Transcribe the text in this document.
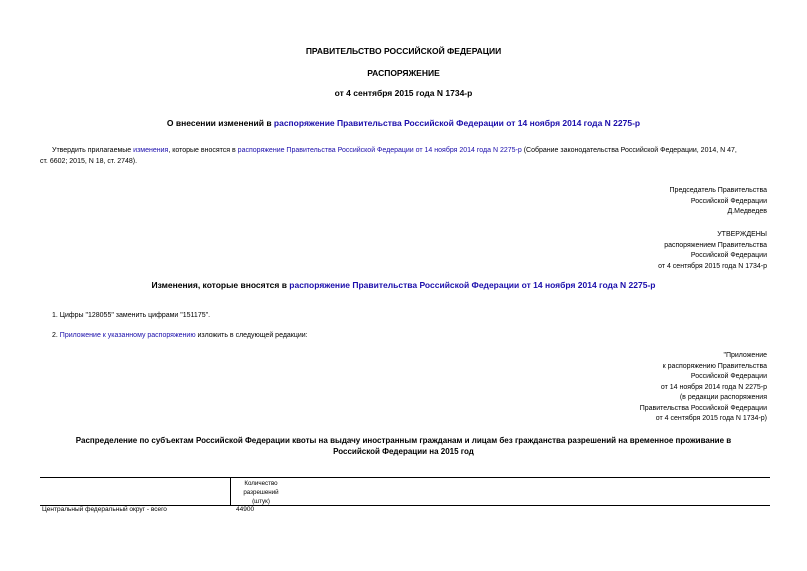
ПРАВИТЕЛЬСТВО РОССИЙСКОЙ ФЕДЕРАЦИИ
РАСПОРЯЖЕНИЕ
от 4 сентября 2015 года N 1734-р
О внесении изменений в распоряжение Правительства Российской Федерации от 14 ноября 2014 года N 2275-р
Утвердить прилагаемые изменения, которые вносятся в распоряжение Правительства Российской Федерации от 14 ноября 2014 года N 2275-р (Собрание законодательства Российской Федерации, 2014, N 47,
ст. 6602; 2015, N 18, ст. 2748).
Председатель Правительства
Российской Федерации
Д.Медведев
УТВЕРЖДЕНЫ
распоряжением Правительства
Российской Федерации
от 4 сентября 2015 года N 1734-р
Изменения, которые вносятся в распоряжение Правительства Российской Федерации от 14 ноября 2014 года N 2275-р
1. Цифры "128055" заменить цифрами "151175".
2. Приложение к указанному распоряжению изложить в следующей редакции:
"Приложение
к распоряжению Правительства
Российской Федерации
от 14 ноября 2014 года N 2275-р
(в редакции распоряжения
Правительства Российской Федерации
от 4 сентября 2015 года N 1734-р)
Распределение по субъектам Российской Федерации квоты на выдачу иностранным гражданам и лицам без гражданства разрешений на временное проживание в
Российской Федерации на 2015 год
Количество
разрешений
(штук)
Центральный федеральный округ - всего	44900
